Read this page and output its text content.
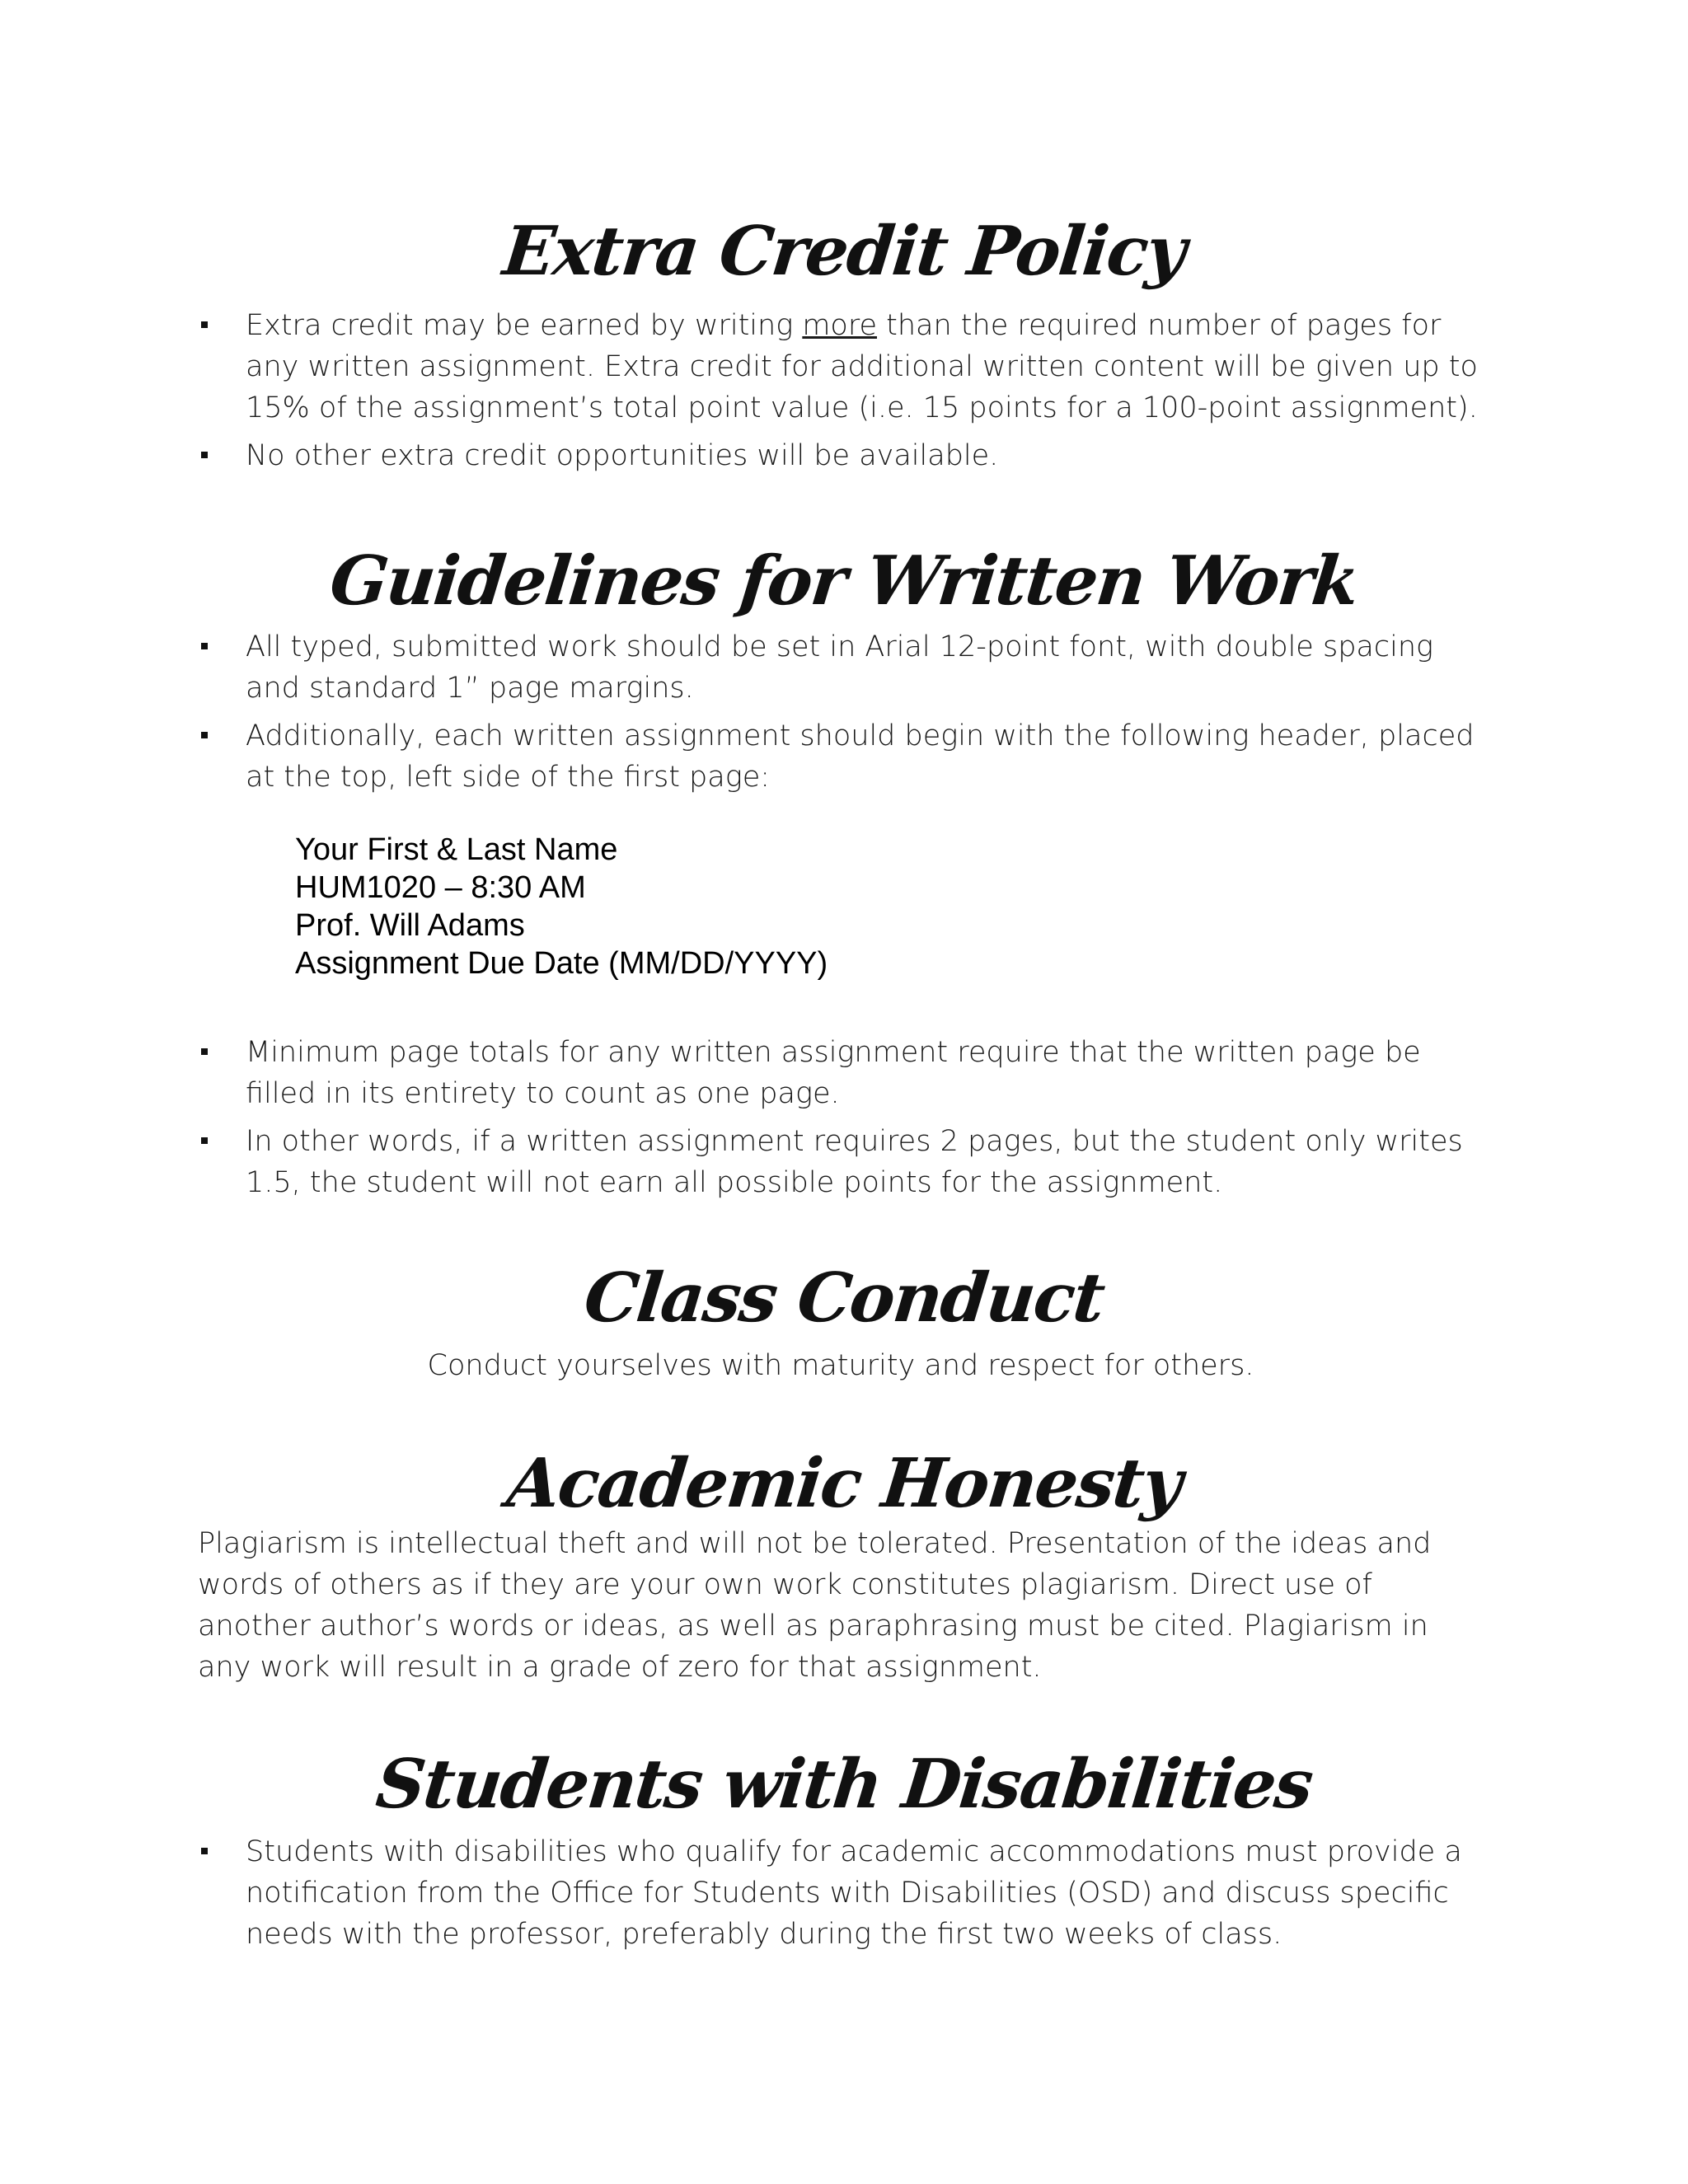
Extra Credit Policy
Extra credit may be earned by writing more than the required number of pages for any written assignment. Extra credit for additional written content will be given up to 15% of the assignment’s total point value (i.e. 15 points for a 100-point assignment).
No other extra credit opportunities will be available.
Guidelines for Written Work
All typed, submitted work should be set in Arial 12-point font, with double spacing and standard 1” page margins.
Additionally, each written assignment should begin with the following header, placed at the top, left side of the first page:
Your First & Last Name
HUM1020 – 8:30 AM
Prof. Will Adams
Assignment Due Date (MM/DD/YYYY)
Minimum page totals for any written assignment require that the written page be filled in its entirety to count as one page.
In other words, if a written assignment requires 2 pages, but the student only writes 1.5, the student will not earn all possible points for the assignment.
Class Conduct

Conduct yourselves with maturity and respect for others.

Academic Honesty

Plagiarism is intellectual theft and will not be tolerated. Presentation of the ideas and words of others as if they are your own work constitutes plagiarism. Direct use of another author’s words or ideas, as well as paraphrasing must be cited. Plagiarism in any work will result in a grade of zero for that assignment.

Students with Disabilities
Students with disabilities who qualify for academic accommodations must provide a notification from the Office for Students with Disabilities (OSD) and discuss specific needs with the professor, preferably during the first two weeks of class.
